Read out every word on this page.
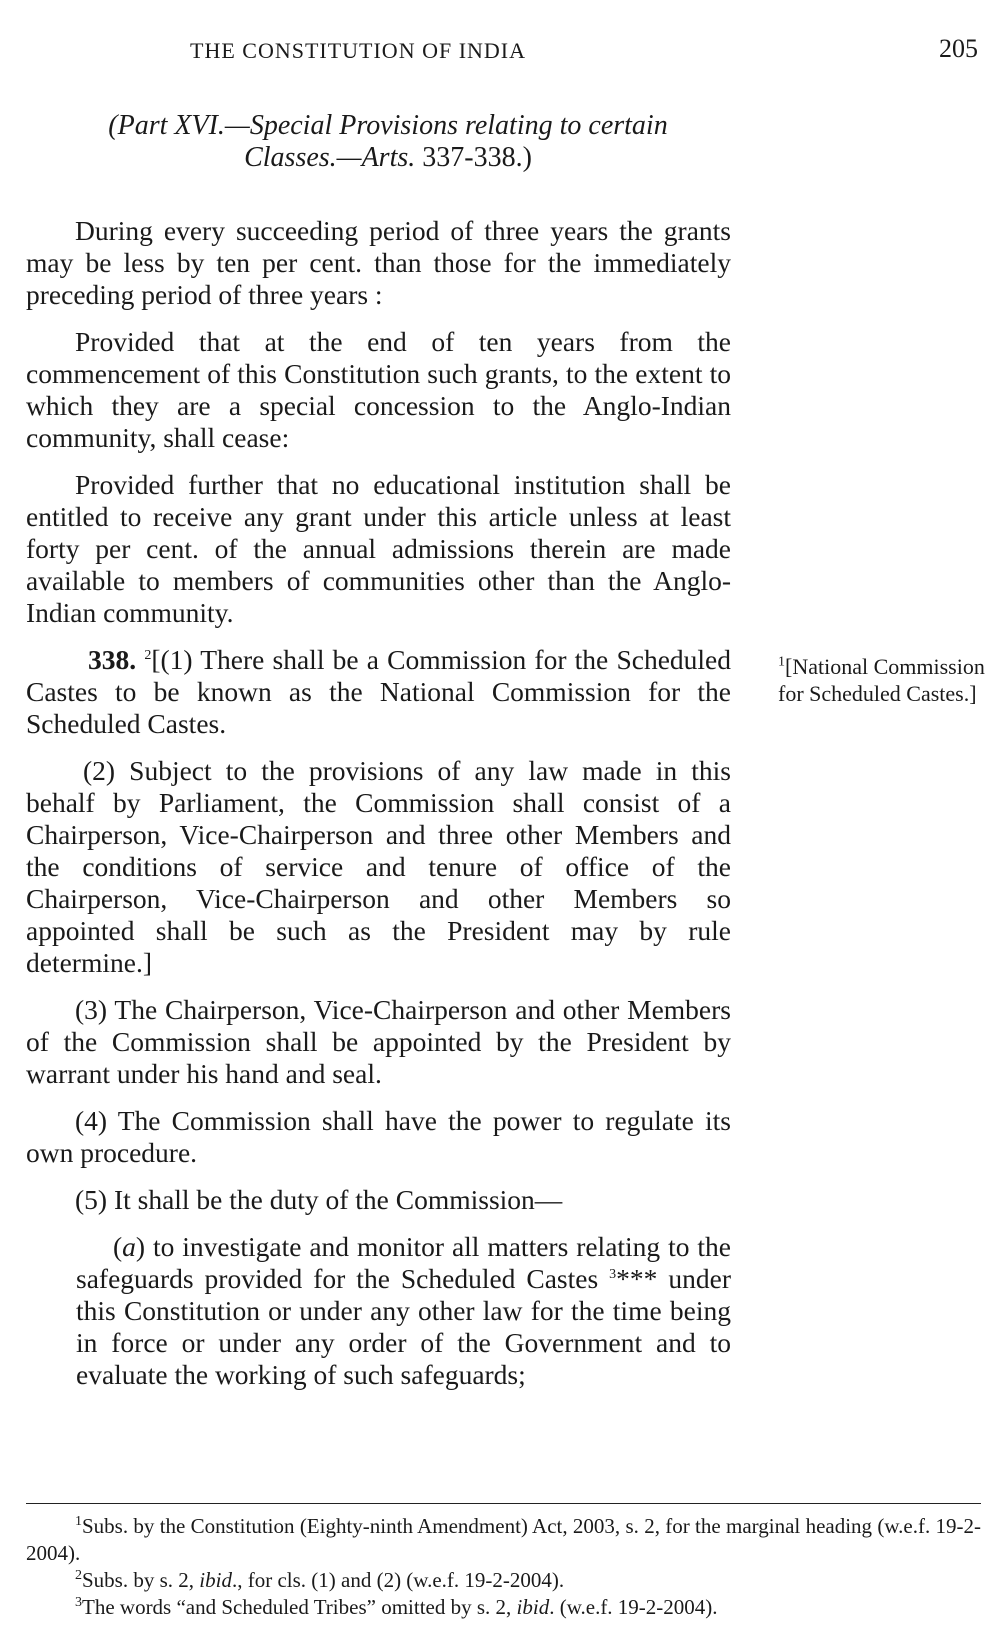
THE CONSTITUTION OF INDIA	205
(Part XVI.—Special Provisions relating to certain
Classes.—Arts. 337-338.)

During every succeeding period of three years the grants may be less by ten per cent. than those for the immediately preceding period of three years :

Provided that at the end of ten years from the commencement of this Constitution such grants, to the extent to which they are a special concession to the Anglo-Indian community, shall cease:

Provided further that no educational institution shall be entitled to receive any grant under this article unless at least forty per cent. of the annual admissions therein are made available to members of communities other than the Anglo-Indian community.

338. $^2$[(1) There shall be a Commission for the Scheduled Castes to be known as the National Commission for the Scheduled Castes.

(2) Subject to the provisions of any law made in this behalf by Parliament, the Commission shall consist of a Chairperson, Vice-Chairperson and three other Members and the conditions of service and tenure of office of the Chairperson, Vice-Chairperson and other Members so appointed shall be such as the President may by rule determine.]

(3) The Chairperson, Vice-Chairperson and other Members of the Commission shall be appointed by the President by warrant under his hand and seal.

(4) The Commission shall have the power to regulate its own procedure.

(5) It shall be the duty of the Commission—

(a) to investigate and monitor all matters relating to the safeguards provided for the Scheduled Castes $^3$*** under this Constitution or under any other law for the time being in force or under any order of the Government and to evaluate the working of such safeguards;

$^1$[National Commission for Scheduled Castes.]

$^1$Subs. by the Constitution (Eighty-ninth Amendment) Act, 2003, s. 2, for the marginal heading (w.e.f. 19-2-2004).

$^2$Subs. by s. 2, ibid., for cls. (1) and (2) (w.e.f. 19-2-2004).

$^3$The words “and Scheduled Tribes” omitted by s. 2, ibid. (w.e.f. 19-2-2004).
